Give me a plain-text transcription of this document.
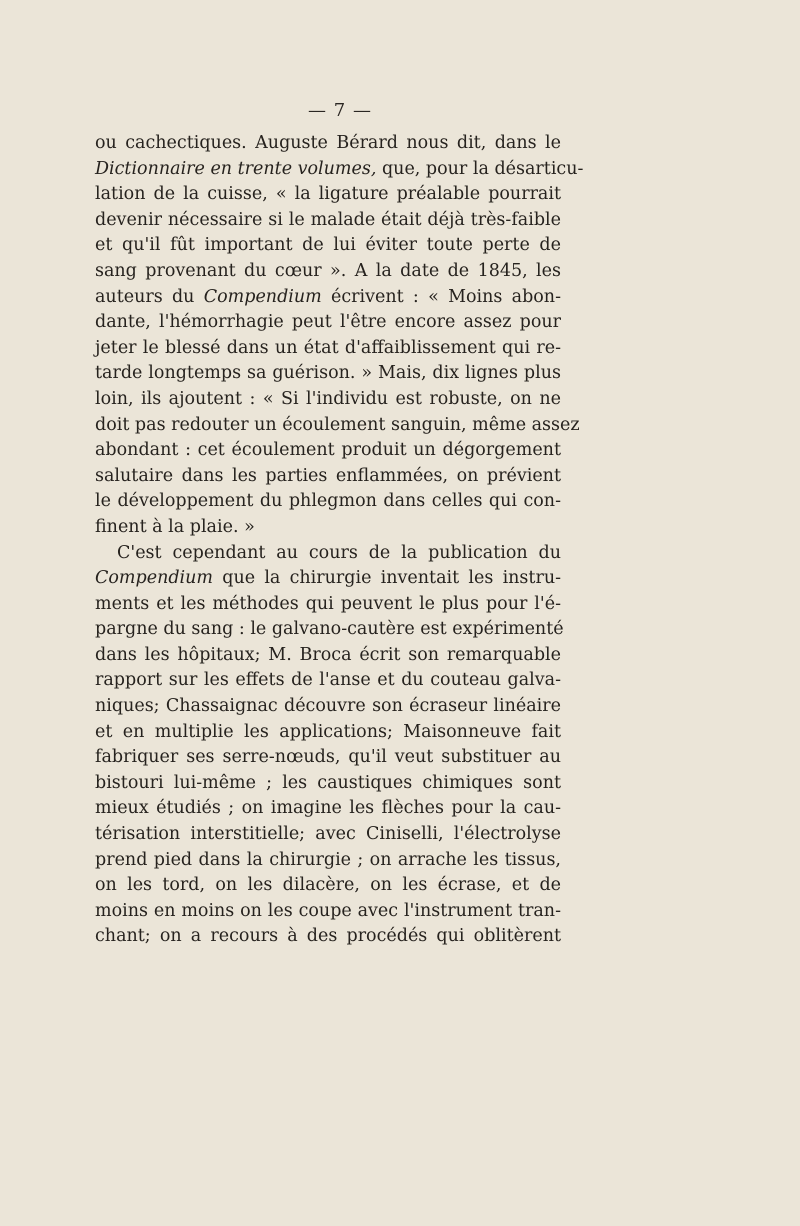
— 7 —
ou cachectiques. Auguste Bérard nous dit, dans le
Dictionnaire en trente volumes, que, pour la désarticu-
lation de la cuisse, « la ligature préalable pourrait
devenir nécessaire si le malade était déjà très-faible
et qu'il fût important de lui éviter toute perte de
sang provenant du cœur ». A la date de 1845, les
auteurs du Compendium écrivent : « Moins abon-
dante, l'hémorrhagie peut l'être encore assez pour
jeter le blessé dans un état d'affaiblissement qui re-
tarde longtemps sa guérison. » Mais, dix lignes plus
loin, ils ajoutent : « Si l'individu est robuste, on ne
doit pas redouter un écoulement sanguin, même assez
abondant : cet écoulement produit un dégorgement
salutaire dans les parties enflammées, on prévient
le développement du phlegmon dans celles qui con-
finent à la plaie. »
C'est cependant au cours de la publication du
Compendium que la chirurgie inventait les instru-
ments et les méthodes qui peuvent le plus pour l'é-
pargne du sang : le galvano-cautère est expérimenté
dans les hôpitaux; M. Broca écrit son remarquable
rapport sur les effets de l'anse et du couteau galva-
niques; Chassaignac découvre son écraseur linéaire
et en multiplie les applications; Maisonneuve fait
fabriquer ses serre-nœuds, qu'il veut substituer au
bistouri lui-même ; les caustiques chimiques sont
mieux étudiés ; on imagine les flèches pour la cau-
térisation interstitielle; avec Ciniselli, l'électrolyse
prend pied dans la chirurgie ; on arrache les tissus,
on les tord, on les dilacère, on les écrase, et de
moins en moins on les coupe avec l'instrument tran-
chant; on a recours à des procédés qui oblitèrent
